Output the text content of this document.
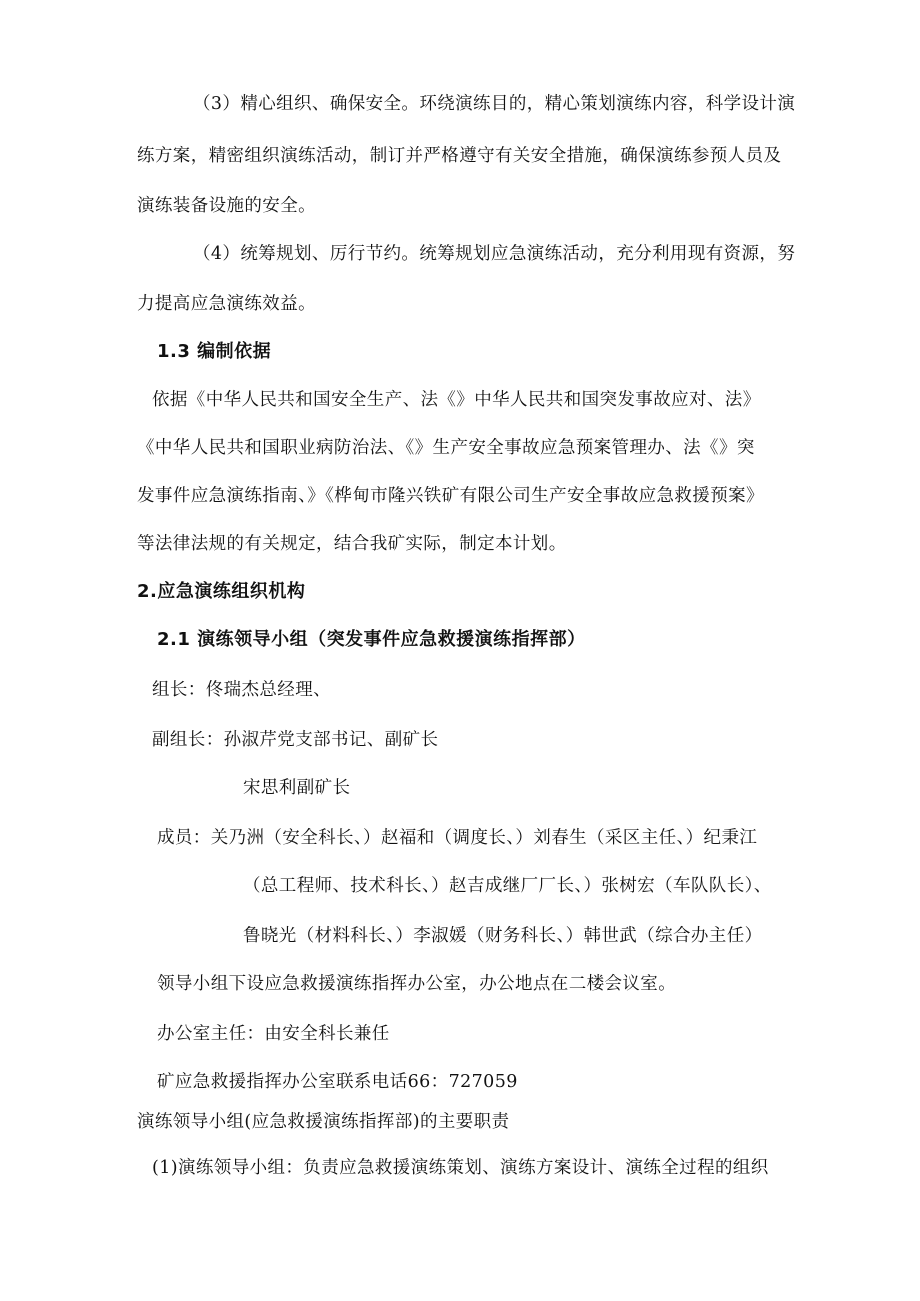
（3）精心组织、确保安全。环绕演练目的，精心策划演练内容，科学设计演

练方案，精密组织演练活动，制订并严格遵守有关安全措施，确保演练参预人员及

演练装备设施的安全。

（4）统筹规划、厉行节约。统筹规划应急演练活动，充分利用现有资源，努

力提高应急演练效益。

1.3 编制依据

依据《中华人民共和国安全生产、法《》中华人民共和国突发事故应对、法》

《中华人民共和国职业病防治法、《》生产安全事故应急预案管理办、法《》突

发事件应急演练指南、》《桦甸市隆兴铁矿有限公司生产安全事故应急救援预案》

等法律法规的有关规定，结合我矿实际，制定本计划。

2.应急演练组织机构

2.1 演练领导小组（突发事件应急救援演练指挥部）

组长：佟瑞杰总经理、

副组长：孙淑芹党支部书记、副矿长

宋思利副矿长

成员：关乃洲（安全科长、）赵福和（调度长、）刘春生（采区主任、）纪秉江

（总工程师、技术科长、）赵吉成继厂厂长、）张树宏（车队队长）、

鲁晓光（材料科长、）李淑媛（财务科长、）韩世武（综合办主任）

领导小组下设应急救援演练指挥办公室，办公地点在二楼会议室。

办公室主任：由安全科长兼任

矿应急救援指挥办公室联系电话66：727059

演练领导小组(应急救援演练指挥部)的主要职责

(1)演练领导小组：负责应急救援演练策划、演练方案设计、演练全过程的组织
